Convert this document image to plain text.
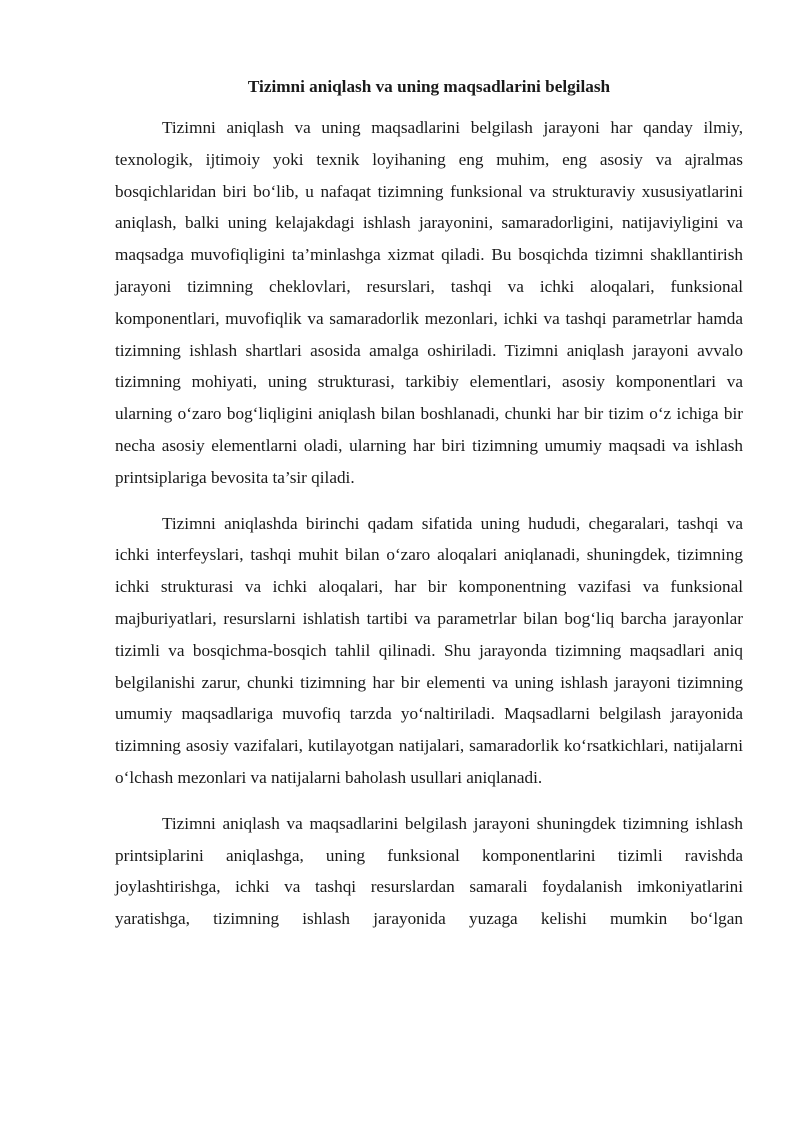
Tizimni aniqlash va uning maqsadlarini belgilash

Tizimni aniqlash va uning maqsadlarini belgilash jarayoni har qanday ilmiy, texnologik, ijtimoiy yoki texnik loyihaning eng muhim, eng asosiy va ajralmas bosqichlaridan biri bo‘lib, u nafaqat tizimning funksional va strukturaviy xususiyatlarini aniqlash, balki uning kelajakdagi ishlash jarayonini, samaradorligini, natijaviyligini va maqsadga muvofiqligini ta’minlashga xizmat qiladi. Bu bosqichda tizimni shakllantirish jarayoni tizimning cheklovlari, resurslari, tashqi va ichki aloqalari, funksional komponentlari, muvofiqlik va samaradorlik mezonlari, ichki va tashqi parametrlar hamda tizimning ishlash shartlari asosida amalga oshiriladi. Tizimni aniqlash jarayoni avvalo tizimning mohiyati, uning strukturasi, tarkibiy elementlari, asosiy komponentlari va ularning o‘zaro bog‘liqligini aniqlash bilan boshlanadi, chunki har bir tizim o‘z ichiga bir necha asosiy elementlarni oladi, ularning har biri tizimning umumiy maqsadi va ishlash printsiplariga bevosita ta’sir qiladi.

Tizimni aniqlashda birinchi qadam sifatida uning hududi, chegaralari, tashqi va ichki interfeyslari, tashqi muhit bilan o‘zaro aloqalari aniqlanadi, shuningdek, tizimning ichki strukturasi va ichki aloqalari, har bir komponentning vazifasi va funksional majburiyatlari, resurslarni ishlatish tartibi va parametrlar bilan bog‘liq barcha jarayonlar tizimli va bosqichma-bosqich tahlil qilinadi. Shu jarayonda tizimning maqsadlari aniq belgilanishi zarur, chunki tizimning har bir elementi va uning ishlash jarayoni tizimning umumiy maqsadlariga muvofiq tarzda yo‘naltiriladi. Maqsadlarni belgilash jarayonida tizimning asosiy vazifalari, kutilayotgan natijalari, samaradorlik ko‘rsatkichlari, natijalarni o‘lchash mezonlari va natijalarni baholash usullari aniqlanadi.

Tizimni aniqlash va maqsadlarini belgilash jarayoni shuningdek tizimning ishlash printsiplarini aniqlashga, uning funksional komponentlarini tizimli ravishda joylashtirishga, ichki va tashqi resurslardan samarali foydalanish imkoniyatlarini yaratishga, tizimning ishlash jarayonida yuzaga kelishi mumkin bo‘lgan
